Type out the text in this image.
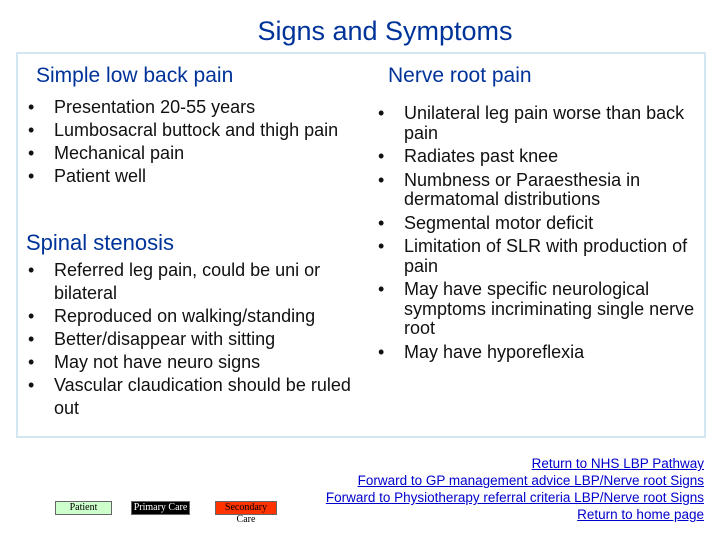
Signs and Symptoms
Simple low back pain
• Presentation 20-55 years
• Lumbosacral buttock and thigh pain
• Mechanical pain
• Patient well
Spinal stenosis
• Referred leg pain, could be uni or bilateral
• Reproduced on walking/standing
• Better/disappear with sitting
• May not have neuro signs
• Vascular claudication should be ruled out
Nerve root pain
• Unilateral leg pain worse than back pain
• Radiates past knee
• Numbness or Paraesthesia in dermatomal distributions
• Segmental motor deficit
• Limitation of SLR with production of pain
• May have specific neurological symptoms incriminating single nerve root
• May have hyporeflexia
Patient	Primary Care	Secondary Care
Return to NHS LBP Pathway
Forward to GP management advice LBP/Nerve root Signs
Forward to Physiotherapy referral criteria LBP/Nerve root Signs
Return to home page
